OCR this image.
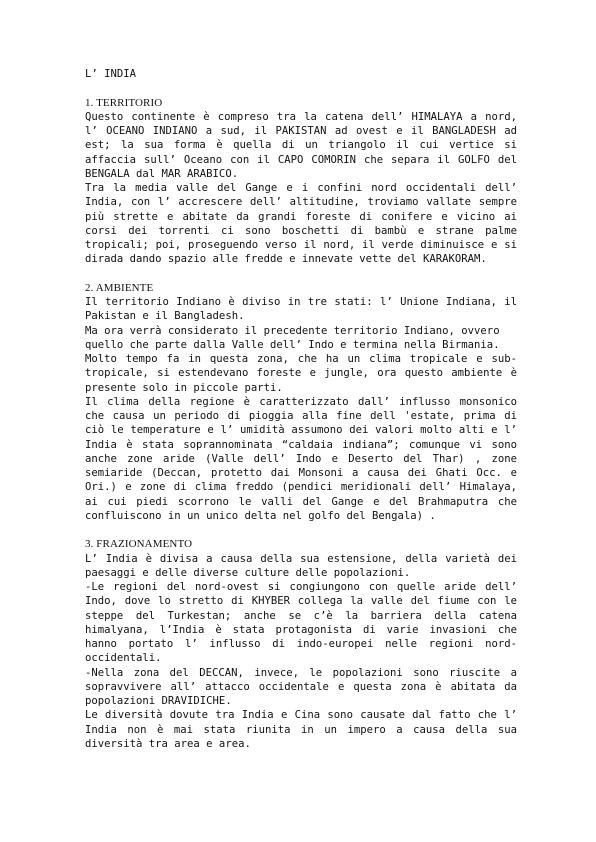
L’ INDIA
1. TERRITORIO

Questo continente è compreso tra la catena dell’ HIMALAYA a nord, l’ OCEANO INDIANO a sud, il PAKISTAN ad ovest e il BANGLADESH ad est; la sua forma è quella di un triangolo il cui vertice si affaccia sull’ Oceano con il CAPO COMORIN che separa il GOLFO del BENGALA dal MAR ARABICO.

Tra la media valle del Gange e i confini nord occidentali dell’ India, con l’ accrescere dell’ altitudine, troviamo vallate sempre più strette e abitate da grandi foreste di conifere e vicino ai corsi dei torrenti ci sono boschetti di bambù e strane palme tropicali; poi, proseguendo verso il nord, il verde diminuisce e si dirada dando spazio alle fredde e innevate vette del KARAKORAM.

2. AMBIENTE

Il territorio Indiano è diviso in tre stati: l’ Unione Indiana, il Pakistan e il Bangladesh.

Ma ora verrà considerato il precedente territorio Indiano, ovvero quello che parte dalla Valle dell’ Indo e termina nella Birmania.

Molto tempo fa in questa zona, che ha un clima tropicale e sub-tropicale, si estendevano foreste e jungle, ora questo ambiente è presente solo in piccole parti.

Il clima della regione è caratterizzato dall’ influsso monsonico che causa un periodo di pioggia alla fine dell 'estate, prima di ciò le temperature e l’ umidità assumono dei valori molto alti e l’ India è stata soprannominata “caldaia indiana”; comunque vi sono anche zone aride (Valle dell’ Indo e Deserto del Thar) , zone semiaride (Deccan, protetto dai Monsoni a causa dei Ghati Occ. e Ori.) e zone di clima freddo (pendici meridionali dell’ Himalaya, ai cui piedi scorrono le valli del Gange e del Brahmaputra che confluiscono in un unico delta nel golfo del Bengala) .

3. FRAZIONAMENTO

L’ India è divisa a causa della sua estensione, della varietà dei paesaggi e delle diverse culture delle popolazioni.

-Le regioni del nord-ovest si congiungono con quelle aride dell’ Indo, dove lo stretto di KHYBER collega la valle del fiume con le steppe del Turkestan; anche se c’è la barriera della catena himalyana, l’India è stata protagonista di varie invasioni che hanno portato l’ influsso di indo-europei nelle regioni nord-occidentali.

-Nella zona del DECCAN, invece, le popolazioni sono riuscite a sopravvivere all’ attacco occidentale e questa zona è abitata da popolazioni DRAVIDICHE.

Le diversità dovute tra India e Cina sono causate dal fatto che l’ India non è mai stata riunita in un impero a causa della sua diversità tra area e area.
